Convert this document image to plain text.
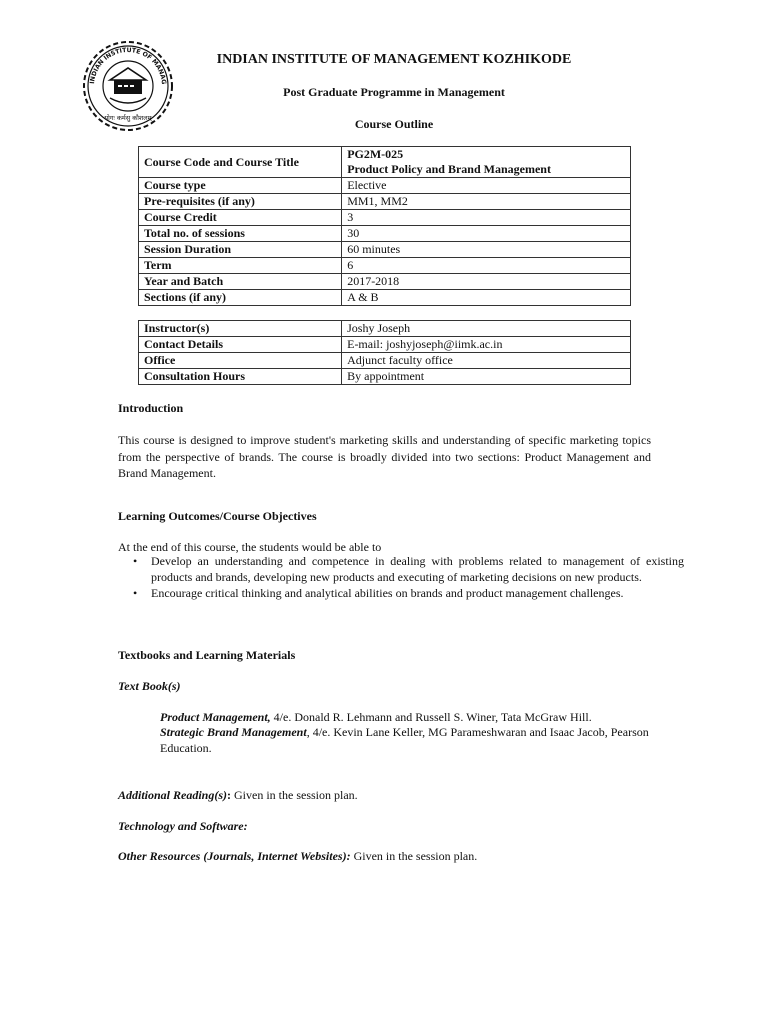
INDIAN INSTITUTE OF MANAG
योगः कर्मसु कौशलम्
INDIAN INSTITUTE OF MANAGEMENT KOZHIKODE
Post Graduate Programme in Management
Course Outline
Course Code and Course Title	PG2M-025
Product Policy and Brand Management

Course type	Elective
Pre-requisites (if any)	MM1, MM2
Course Credit	3
Total no. of sessions	30
Session Duration	60 minutes
Term	6
Year and Batch	2017-2018
Sections (if any)	A & B
Instructor(s)	Joshy Joseph
Contact Details	E-mail: joshyjoseph@iimk.ac.in
Office	Adjunct faculty office
Consultation Hours	By appointment
Introduction
This course is designed to improve student's marketing skills and understanding of specific marketing topics from the perspective of brands. The course is broadly divided into two sections: Product Management and Brand Management.
Learning Outcomes/Course Objectives
At the end of this course, the students would be able to
• Develop an understanding and competence in dealing with problems related to management of existing products and brands, developing new products and executing of marketing decisions on new products.
• Encourage critical thinking and analytical abilities on brands and product management challenges.
Textbooks and Learning Materials
Text Book(s)
Product Management, 4/e. Donald R. Lehmann and Russell S. Winer, Tata McGraw Hill.
Strategic Brand Management, 4/e. Kevin Lane Keller, MG Parameshwaran and Isaac Jacob, Pearson Education.
Additional Reading(s): Given in the session plan.
Technology and Software:
Other Resources (Journals, Internet Websites): Given in the session plan.
